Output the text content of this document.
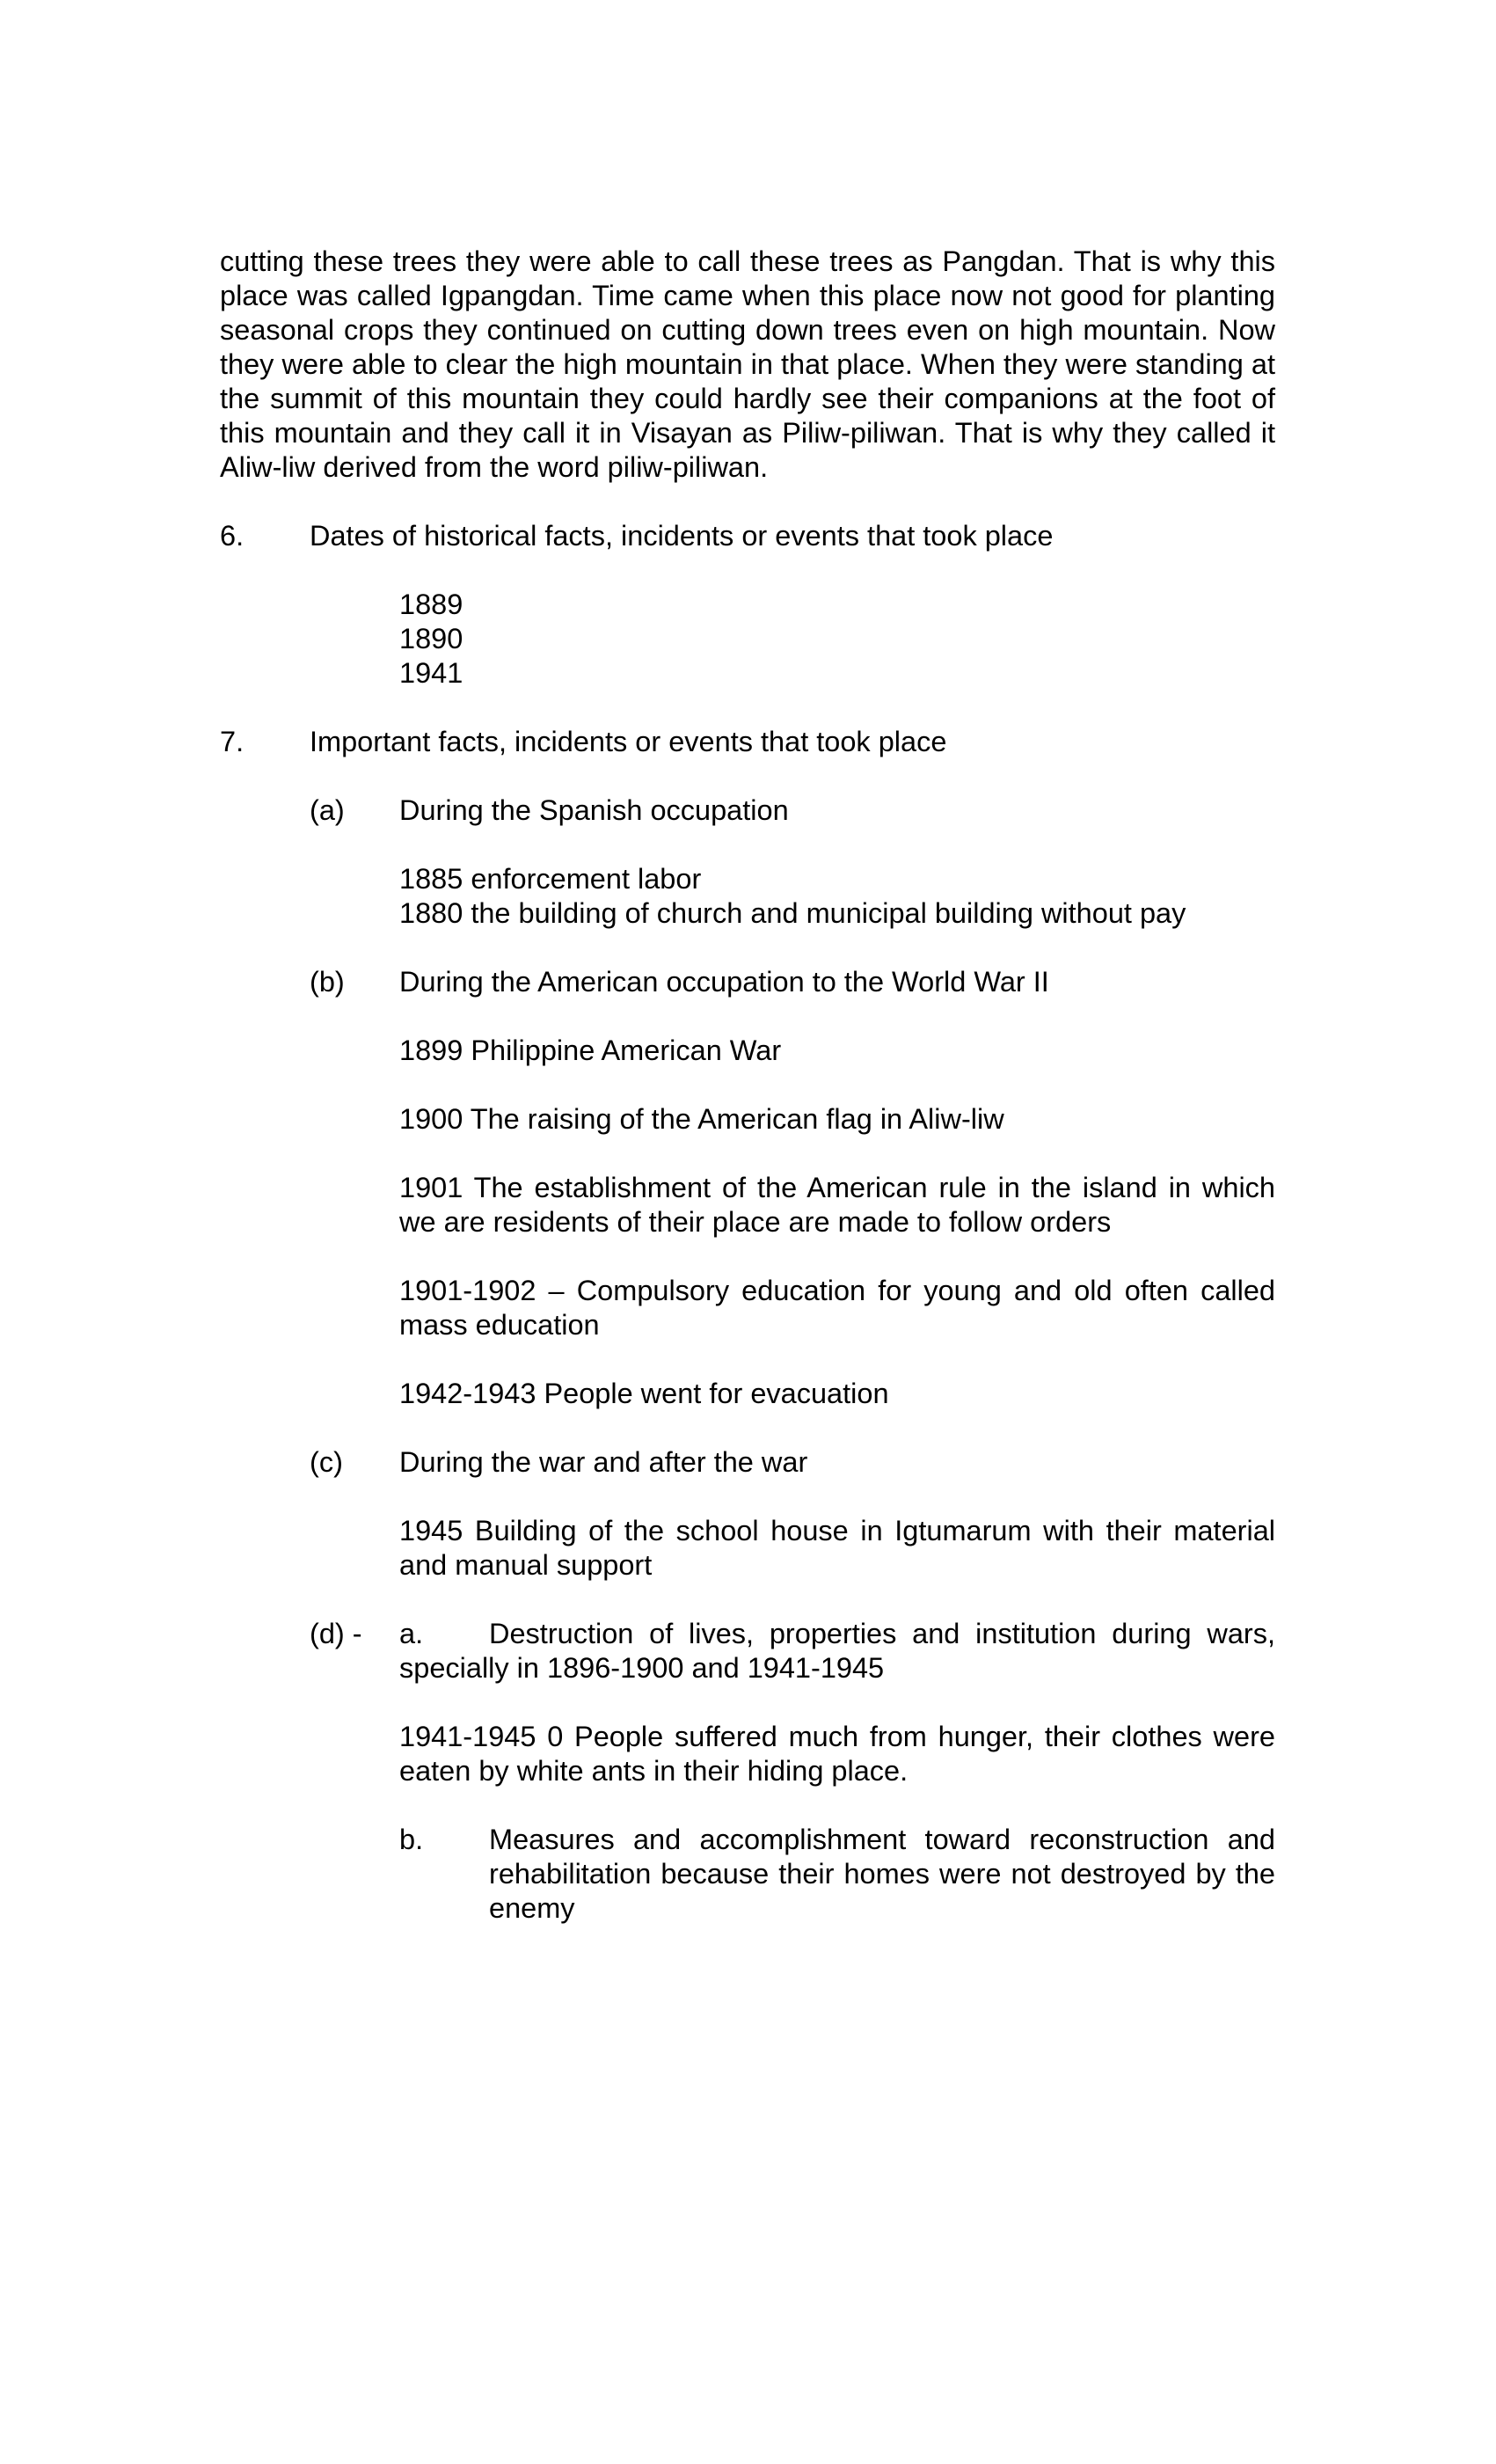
cutting these trees they were able to call these trees as Pangdan. That is why this place was called Igpangdan. Time came when this place now not good for planting seasonal crops they continued on cutting down trees even on high mountain. Now they were able to clear the high mountain in that place. When they were standing at the summit of this mountain they could hardly see their companions at the foot of this mountain and they call it in Visayan as Piliw-piliwan. That is why they called it Aliw-liw derived from the word piliw-piliwan.

6. Dates of historical facts, incidents or events that took place
1889
1890
1941
7. Important facts, incidents or events that took place
(a) During the Spanish occupation
1885 enforcement labor
1880 the building of church and municipal building without pay
(b) During the American occupation to the World War II

1899 Philippine American War

1900 The raising of the American flag in Aliw-liw

1901 The establishment of the American rule in the island in which we are residents of their place are made to follow orders

1901-1902 – Compulsory education for young and old often called mass education

1942-1943 People went for evacuation

(c) During the war and after the war

1945 Building of the school house in Igtumarum with their material and manual support

(d) - a. Destruction of lives, properties and institution during wars, specially in 1896-1900 and 1941-1945

1941-1945 0 People suffered much from hunger, their clothes were eaten by white ants in their hiding place.

b. Measures and accomplishment toward reconstruction and rehabilitation because their homes were not destroyed by the enemy
